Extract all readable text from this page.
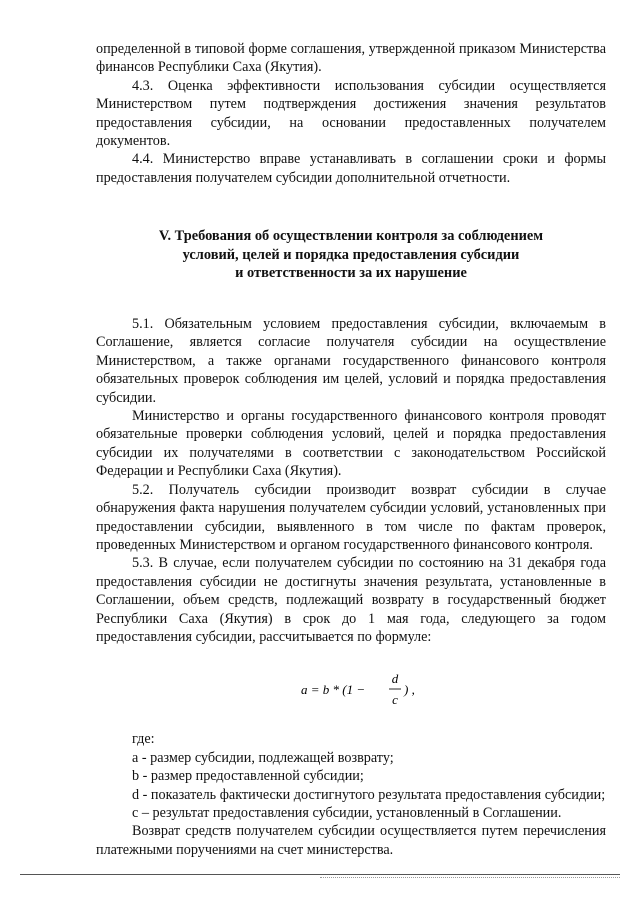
определенной в типовой форме соглашения, утвержденной приказом Министерства финансов Республики Саха (Якутия).

4.3. Оценка эффективности использования субсидии осуществляется Министерством путем подтверждения достижения значения результатов предоставления субсидии, на основании предоставленных получателем документов.

4.4. Министерство вправе устанавливать в соглашении сроки и формы предоставления получателем субсидии дополнительной отчетности.

V. Требования об осуществлении контроля за соблюдением
условий, целей и порядка предоставления субсидии
и ответственности за их нарушение

5.1. Обязательным условием предоставления субсидии, включаемым в Соглашение, является согласие получателя субсидии на осуществление Министерством, а также органами государственного финансового контроля обязательных проверок соблюдения им целей, условий и порядка предоставления субсидии.

Министерство и органы государственного финансового контроля проводят обязательные проверки соблюдения условий, целей и порядка предоставления субсидии их получателями в соответствии с законодательством Российской Федерации и Республики Саха (Якутия).

5.2. Получатель субсидии производит возврат субсидии в случае обнаружения факта нарушения получателем субсидии условий, установленных при предоставлении субсидии, выявленного в том числе по фактам проверок, проведенных Министерством и органом государственного финансового контроля.

5.3. В случае, если получателем субсидии по состоянию на 31 декабря года предоставления субсидии не достигнуты значения результата, установленные в Соглашении, объем средств, подлежащий возврату в государственный бюджет Республики Саха (Якутия) в срок до 1 мая года, следующего за годом предоставления субсидии, рассчитывается по формуле:

a = b * (1 −
d
c
) ,

где:

a - размер субсидии, подлежащей возврату;

b - размер предоставленной субсидии;

d - показатель фактически достигнутого результата предоставления субсидии;

c – результат предоставления субсидии, установленный в Соглашении.

Возврат средств получателем субсидии осуществляется путем перечисления платежными поручениями на счет министерства.
